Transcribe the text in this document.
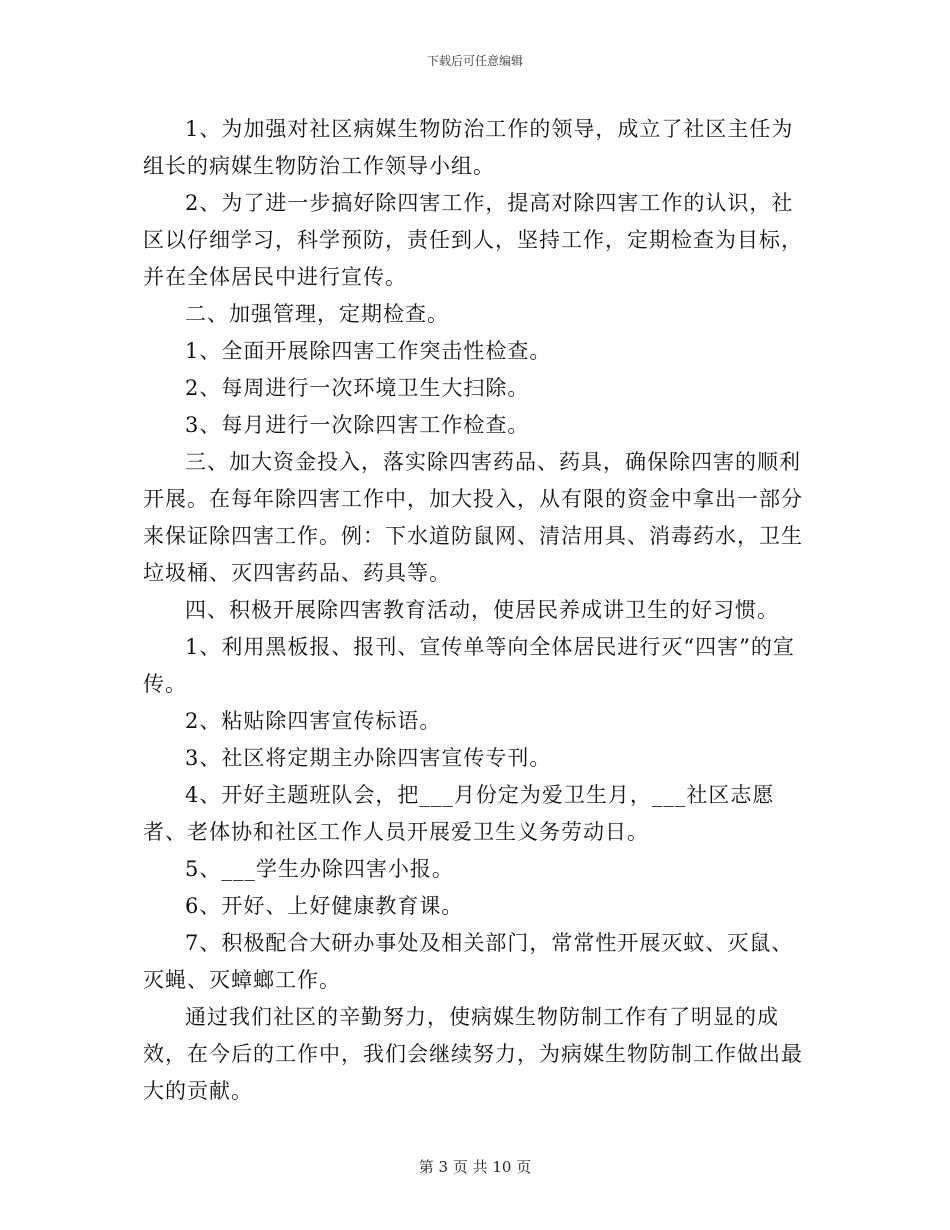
下载后可任意编辑

1、为加强对社区病媒生物防治工作的领导，成立了社区主任为组长的病媒生物防治工作领导小组。

2、为了进一步搞好除四害工作，提高对除四害工作的认识，社区以仔细学习，科学预防，责任到人，坚持工作，定期检查为目标，并在全体居民中进行宣传。

二、加强管理，定期检查。

1、全面开展除四害工作突击性检查。

2、每周进行一次环境卫生大扫除。

3、每月进行一次除四害工作检查。

三、加大资金投入，落实除四害药品、药具，确保除四害的顺利开展。在每年除四害工作中，加大投入，从有限的资金中拿出一部分来保证除四害工作。例：下水道防鼠网、清洁用具、消毒药水，卫生垃圾桶、灭四害药品、药具等。

四、积极开展除四害教育活动，使居民养成讲卫生的好习惯。

1、利用黑板报、报刊、宣传单等向全体居民进行灭“四害”的宣传。

2、粘贴除四害宣传标语。

3、社区将定期主办除四害宣传专刊。

4、开好主题班队会，把___月份定为爱卫生月，___社区志愿者、老体协和社区工作人员开展爱卫生义务劳动日。

5、___学生办除四害小报。

6、开好、上好健康教育课。

7、积极配合大研办事处及相关部门，常常性开展灭蚊、灭鼠、灭蝇、灭蟑螂工作。

通过我们社区的辛勤努力，使病媒生物防制工作有了明显的成效，在今后的工作中，我们会继续努力，为病媒生物防制工作做出最大的贡献。

第 3 页 共 10 页
